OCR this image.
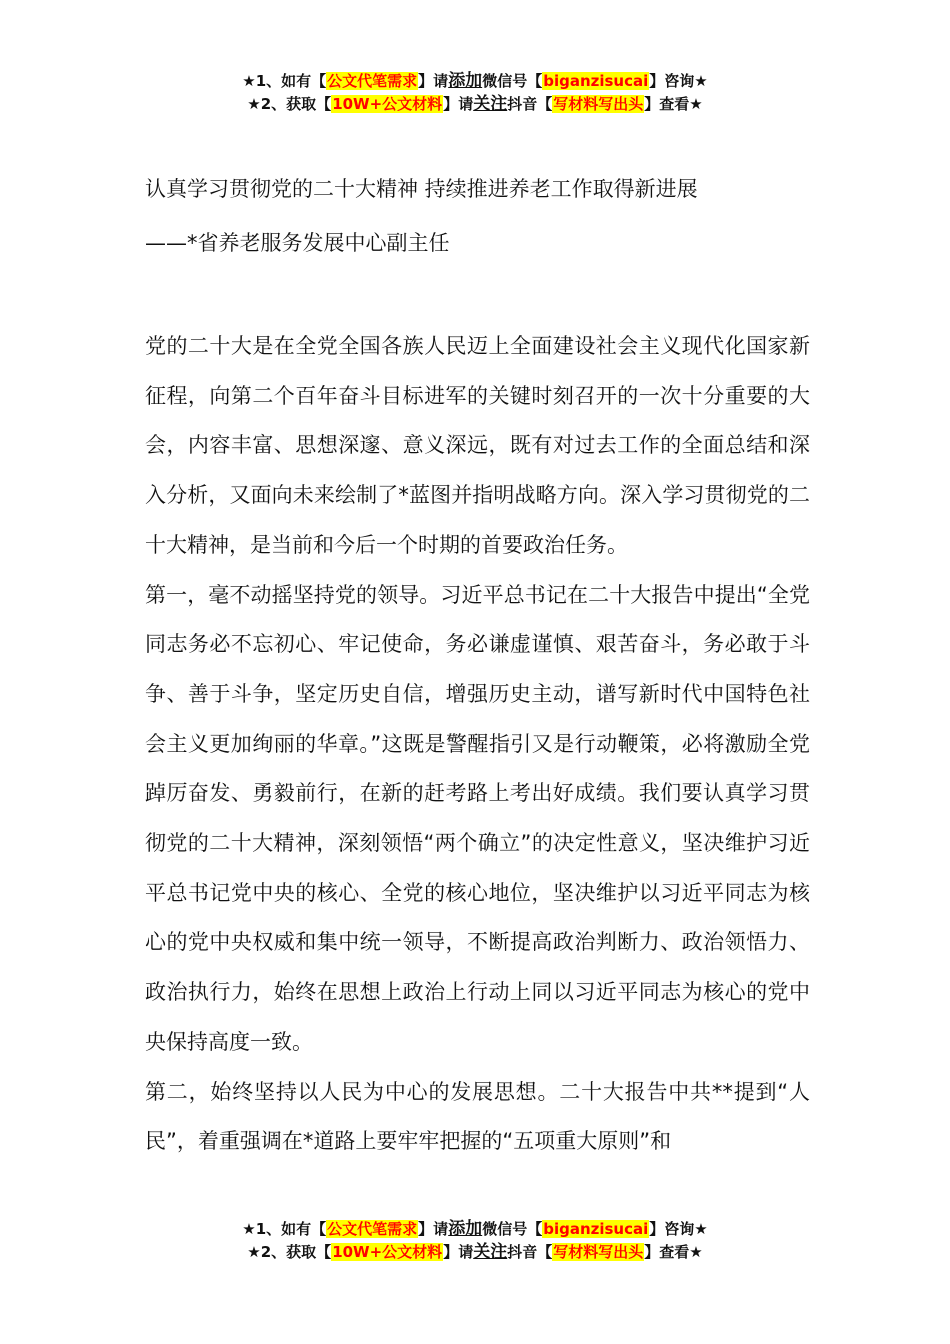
★1、如有【公文代笔需求】请添加微信号【biganzisucai】咨询★
★2、获取【10W+公文材料】请关注抖音【写材料写出头】查看★
认真学习贯彻党的二十大精神 持续推进养老工作取得新进展
——*省养老服务发展中心副主任

党的二十大是在全党全国各族人民迈上全面建设社会主义现代化国家新征程，向第二个百年奋斗目标进军的关键时刻召开的一次十分重要的大会，内容丰富、思想深邃、意义深远，既有对过去工作的全面总结和深入分析，又面向未来绘制了*蓝图并指明战略方向。深入学习贯彻党的二十大精神，是当前和今后一个时期的首要政治任务。

第一，毫不动摇坚持党的领导。习近平总书记在二十大报告中提出“全党同志务必不忘初心、牢记使命，务必谦虚谨慎、艰苦奋斗，务必敢于斗争、善于斗争，坚定历史自信，增强历史主动，谱写新时代中国特色社会主义更加绚丽的华章。”这既是警醒指引又是行动鞭策，必将激励全党踔厉奋发、勇毅前行，在新的赶考路上考出好成绩。我们要认真学习贯彻党的二十大精神，深刻领悟“两个确立”的决定性意义，坚决维护习近平总书记党中央的核心、全党的核心地位，坚决维护以习近平同志为核心的党中央权威和集中统一领导，不断提高政治判断力、政治领悟力、政治执行力，始终在思想上政治上行动上同以习近平同志为核心的党中央保持高度一致。

第二，始终坚持以人民为中心的发展思想。二十大报告中共**提到“人民”，着重强调在*道路上要牢牢把握的“五项重大原则”和

★1、如有【公文代笔需求】请添加微信号【biganzisucai】咨询★
★2、获取【10W+公文材料】请关注抖音【写材料写出头】查看★
